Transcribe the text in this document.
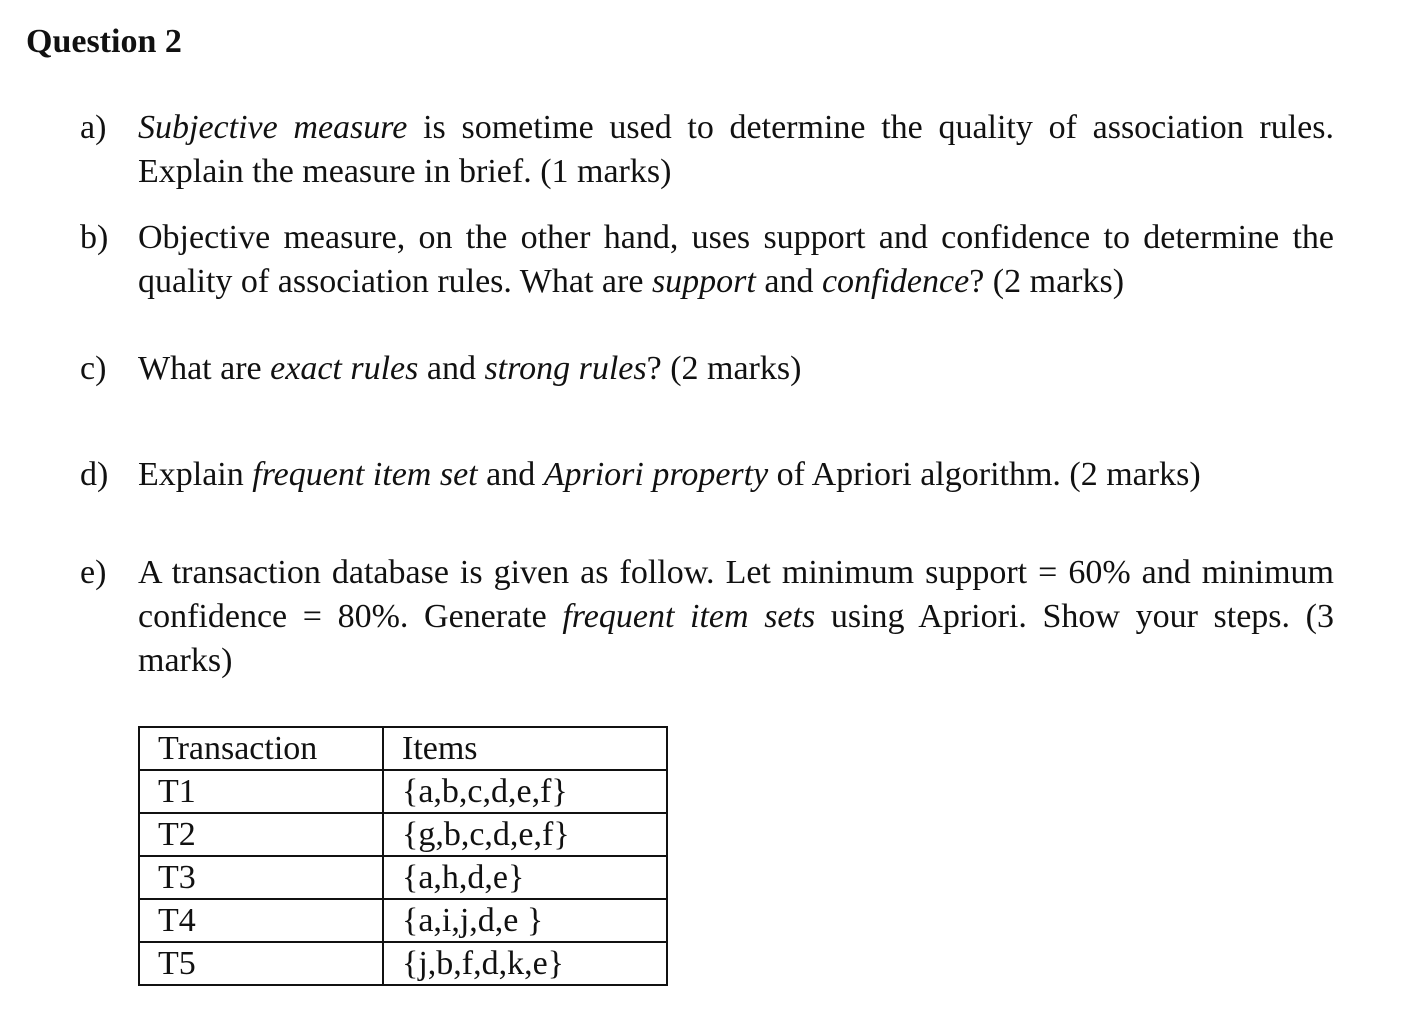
Question 2
a) Subjective measure is sometime used to determine the quality of association rules. Explain the measure in brief. (1 marks)
b) Objective measure, on the other hand, uses support and confidence to determine the quality of association rules. What are support and confidence? (2 marks)
c) What are exact rules and strong rules? (2 marks)
d) Explain frequent item set and Apriori property of Apriori algorithm. (2 marks)
e) A transaction database is given as follow. Let minimum support = 60% and minimum confidence = 80%. Generate frequent item sets using Apriori. Show your steps. (3 marks)
Transaction	Items
T1	{a,b,c,d,e,f}
T2	{g,b,c,d,e,f}
T3	{a,h,d,e}
T4	{a,i,j,d,e }
T5	{j,b,f,d,k,e}
